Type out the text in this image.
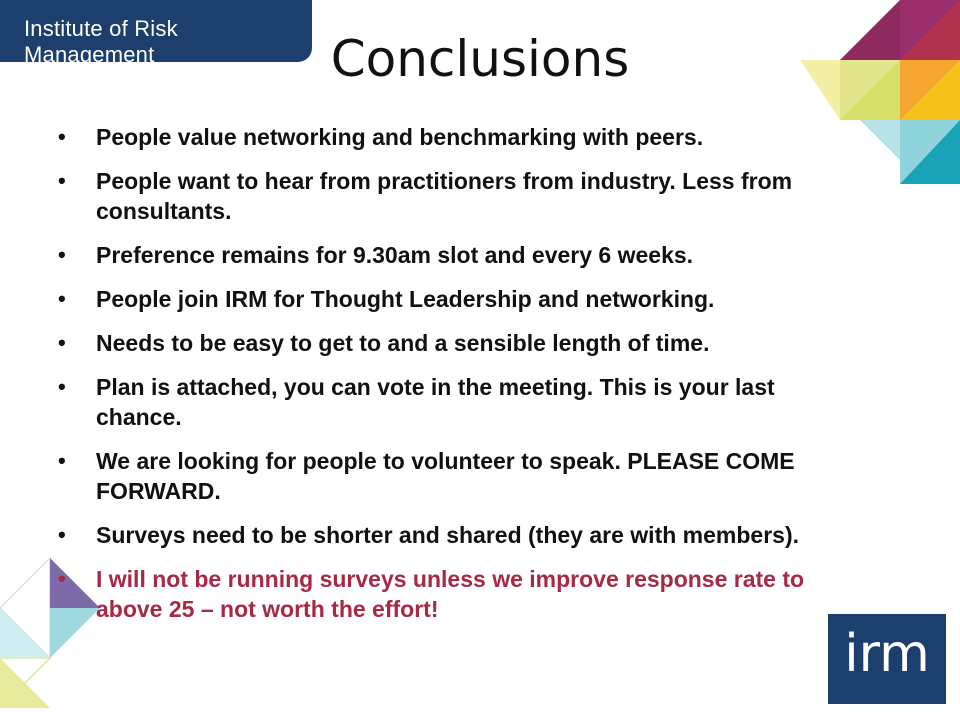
Institute of Risk Management	Conclusions
• People value networking and benchmarking with peers.
• People want to hear from practitioners from industry. Less from consultants.
• Preference remains for 9.30am slot and every 6 weeks.
• People join IRM for Thought Leadership and networking.
• Needs to be easy to get to and a sensible length of time.
• Plan is attached, you can vote in the meeting. This is your last chance.
• We are looking for people to volunteer to speak. PLEASE COME FORWARD.
• Surveys need to be shorter and shared (they are with members).
• I will not be running surveys unless we improve response rate to above 25 – not worth the effort!
irm
